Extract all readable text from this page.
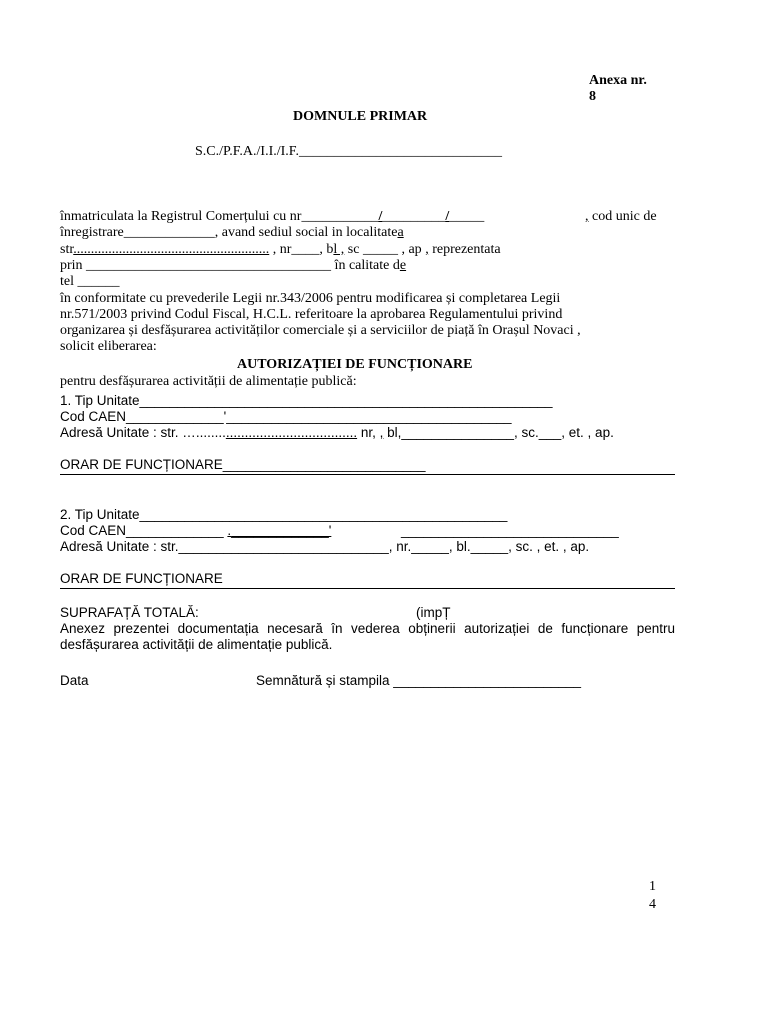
Anexa nr.
8
DOMNULE PRIMAR
S.C./P.F.A./I.I./I.F._____________________________
înmatriculata la Registrul Comerțului cu nr___________/_________/_____	, cod unic de
înregistrare_____________, avand sediul social in localitatea
str........................................................ , nr____, bl , sc _____ , ap , reprezentata
prin ___________________________________ în calitate de
tel ______
în conformitate cu prevederile Legii nr.343/2006 pentru modificarea și completarea Legii nr.571/2003 privind Codul Fiscal, H.C.L. referitoare la aprobarea Regulamentului privind organizarea și desfășurarea activităților comerciale și a serviciilor de piață în Orașul Novaci ,
solicit eliberarea:
AUTORIZAȚIEI DE FUNCȚIONARE
pentru desfășurarea activității de alimentație publică:
1. Tip Unitate_______________________________________________________
Cod CAEN_____________'______________________________________
Adresă Unitate : str. …........................................... nr, , bl,_______________, sc.___, et. , ap.
ORAR DE FUNCȚIONARE___________________________
2. Tip Unitate_________________________________________________
Cod CAEN_____________ ._____________'	_____________________________
Adresă Unitate : str.____________________________, nr._____, bl._____, sc. , et. , ap.
ORAR DE FUNCȚIONARE
SUPRAFAȚĂ TOTALĂ:	(impȚ
Anexez prezentei documentația necesară în vederea obținerii autorizației de funcționare pentru desfășurarea activității de alimentație publică.
Data	Semnătură și stampila _________________________
1
4
